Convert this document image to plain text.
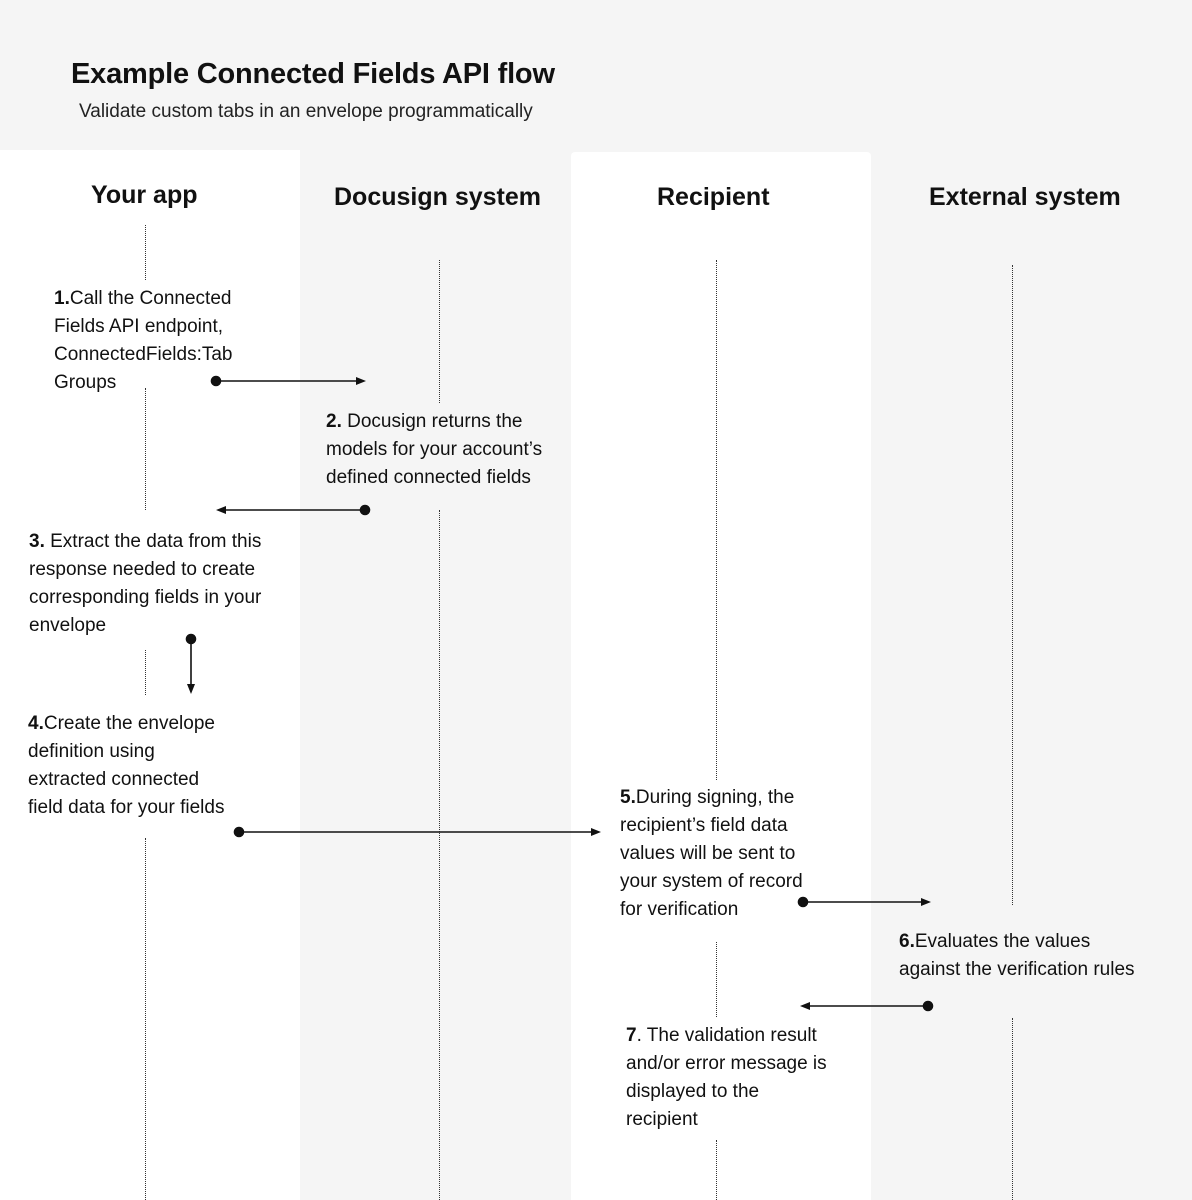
Example Connected Fields API flow
Validate custom tabs in an envelope programmatically
Your app	Docusign system	Recipient	External system
1.Call the Connected
Fields API endpoint,
ConnectedFields:Tab
Groups
2. Docusign returns the
models for your account’s
defined connected fields
3. Extract the data from this
response needed to create
corresponding fields in your
envelope
4.Create the envelope
definition using
extracted connected
field data for your fields	5.During signing, the
recipient’s field data
values will be sent to
your system of record
for verification
6.Evaluates the values
against the verification rules
7. The validation result
and/or error message is
displayed to the
recipient
